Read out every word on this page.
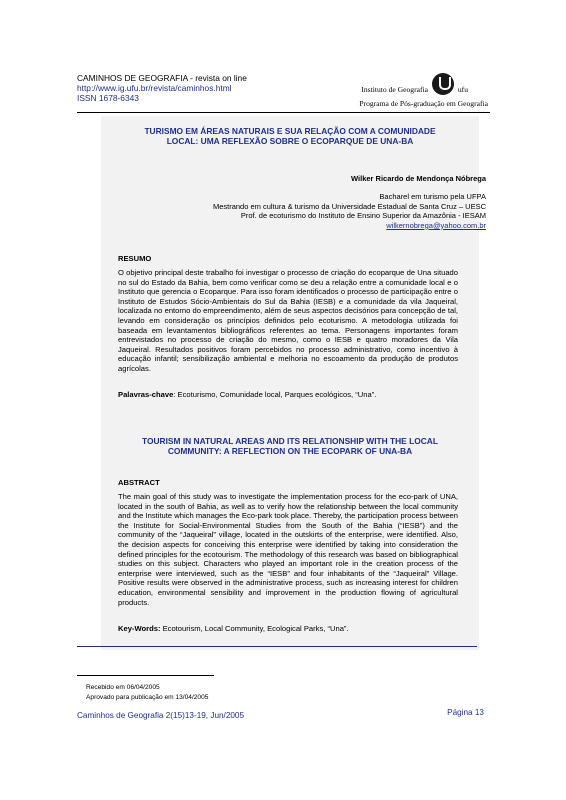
CAMINHOS DE GEOGRAFIA - revista on line
http://www.ig.ufu.br/revista/caminhos.html
ISSN 1678-6343
Instituto de Geografia	ufu
Programa de Pós-graduação em Geografia
TURISMO EM ÁREAS NATURAIS E SUA RELAÇÃO COM A COMUNIDADE
LOCAL: UMA REFLEXÃO SOBRE O ECOPARQUE DE UNA-BA
Wilker Ricardo de Mendonça Nóbrega
Bacharel em turismo pela UFPA
Mestrando em cultura & turismo da Universidade Estadual de Santa Cruz – UESC
Prof. de ecoturismo do Instituto de Ensino Superior da Amazônia - IESAM
wilkernobrega@yahoo.com.br
RESUMO
O objetivo principal deste trabalho foi investigar o processo de criação do ecoparque de Una situado no sul do Estado da Bahia, bem como verificar como se deu a relação entre a comunidade local e o Instituto que gerencia o Ecoparque. Para isso foram identificados o processo de participação entre o Instituto de Estudos Sócio-Ambientais do Sul da Bahia (IESB) e a comunidade da vila Jaqueiral, localizada no entorno do empreendimento, além de seus aspectos decisórios para concepção de tal, levando em consideração os princípios definidos pelo ecoturismo. A metodologia utilizada foi baseada em levantamentos bibliográficos referentes ao tema. Personagens importantes foram entrevistados no processo de criação do mesmo, como o IESB e quatro moradores da Vila Jaqueiral. Resultados positivos foram percebidos no processo administrativo, como incentivo à educação infantil; sensibilização ambiental e melhoria no escoamento da produção de produtos agrícolas.
Palavras-chave: Ecoturismo, Comunidade local, Parques ecológicos, “Una”.
TOURISM IN NATURAL AREAS AND ITS RELATIONSHIP WITH THE LOCAL
COMMUNITY: A REFLECTION ON THE ECOPARK OF UNA-BA
ABSTRACT
The main goal of this study was to investigate the implementation process for the eco-park of UNA, located in the south of Bahia, as well as to verify how the relationship between the local community and the Institute which manages the Eco-park took place. Thereby, the participation process between the Institute for Social-Environmental Studies from the South of the Bahia (“IESB”) and the community of the “Jaqueiral” village, located in the outskirts of the enterprise, were identified. Also, the decision aspects for conceiving this enterprise were identified by taking into consideration the defined principles for the ecotourism. The methodology of this research was based on bibliographical studies on this subject. Characters who played an important role in the creation process of the enterprise were interviewed, such as the “IESB” and four inhabitants of the “Jaqueiral” Village. Positive results were observed in the administrative process, such as increasing interest for children education, environmental sensibility and improvement in the production flowing of agricultural products.
Key-Words: Ecotourism, Local Community, Ecological Parks, “Una”.
Recebido em 06/04/2005
Aprovado para publicação em 13/04/2005
Caminhos de Geografia 2(15)13-19, Jun/2005	Página 13
